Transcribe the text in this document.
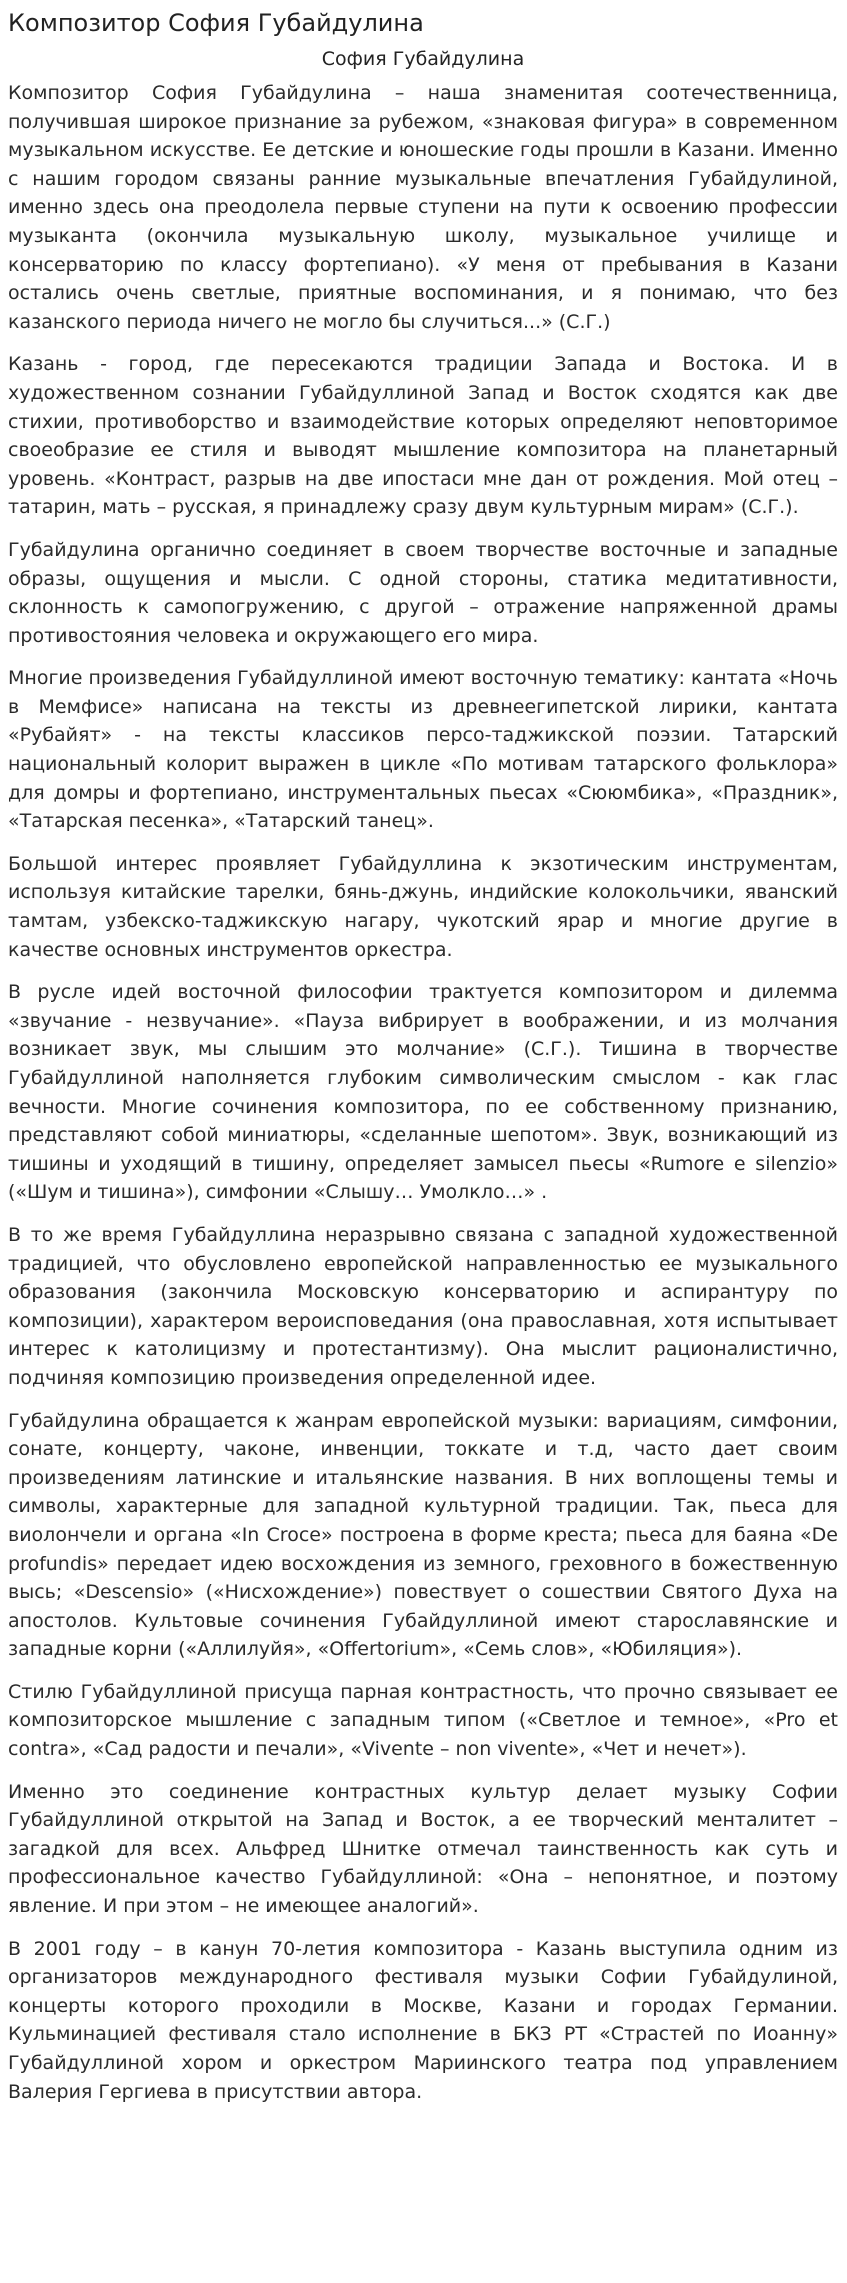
Композитор София Губайдулина
София Губайдулина

Композитор София Губайдулина – наша знаменитая соотечественница, получившая широкое признание за рубежом, «знаковая фигура» в современном музыкальном искусстве. Ее детские и юношеские годы прошли в Казани. Именно с нашим городом связаны ранние музыкальные впечатления Губайдулиной, именно здесь она преодолела первые ступени на пути к освоению профессии музыканта (окончила музыкальную школу, музыкальное училище и консерваторию по классу фортепиано). «У меня от пребывания в Казани остались очень светлые, приятные воспоминания, и я понимаю, что без казанского периода ничего не могло бы случиться...» (С.Г.)

Казань - город, где пересекаются традиции Запада и Востока. И в художественном сознании Губайдуллиной Запад и Восток сходятся как две стихии, противоборство и взаимодействие которых определяют неповторимое своеобразие ее стиля и выводят мышление композитора на планетарный уровень. «Контраст, разрыв на две ипостаси мне дан от рождения. Мой отец – татарин, мать – русская, я принадлежу сразу двум культурным мирам» (С.Г.).

Губайдулина органично соединяет в своем творчестве восточные и западные образы, ощущения и мысли. С одной стороны, статика медитативности, склонность к самопогружению, с другой – отражение напряженной драмы противостояния человека и окружающего его мира.

Многие произведения Губайдуллиной имеют восточную тематику: кантата «Ночь в Мемфисе» написана на тексты из древнеегипетской лирики, кантата «Рубайят» - на тексты классиков персо-таджикской поэзии. Татарский национальный колорит выражен в цикле «По мотивам татарского фольклора» для домры и фортепиано, инструментальных пьесах «Сююмбика», «Праздник», «Татарская песенка», «Татарский танец».

Большой интерес проявляет Губайдуллина к экзотическим инструментам, используя китайские тарелки, бянь-джунь, индийские колокольчики, яванский тамтам, узбекско-таджикскую нагару, чукотский ярар и многие другие в качестве основных инструментов оркестра.

В русле идей восточной философии трактуется композитором и дилемма «звучание - незвучание». «Пауза вибрирует в воображении, и из молчания возникает звук, мы слышим это молчание» (С.Г.). Тишина в творчестве Губайдуллиной наполняется глубоким символическим смыслом - как глас вечности. Многие сочинения композитора, по ее собственному признанию, представляют собой миниатюры, «сделанные шепотом». Звук, возникающий из тишины и уходящий в тишину, определяет замысел пьесы «Rumore e silenzio» («Шум и тишина»), симфонии «Слышу… Умолкло…» .

В то же время Губайдуллина неразрывно связана с западной художественной традицией, что обусловлено европейской направленностью ее музыкального образования (закончила Московскую консерваторию и аспирантуру по композиции), характером вероисповедания (она православная, хотя испытывает интерес к католицизму и протестантизму). Она мыслит рационалистично, подчиняя композицию произведения определенной идее.

Губайдулина обращается к жанрам европейской музыки: вариациям, симфонии, сонате, концерту, чаконе, инвенции, токкате и т.д, часто дает своим произведениям латинские и итальянские названия. В них воплощены темы и символы, характерные для западной культурной традиции. Так, пьеса для виолончели и органа «In Croce» построена в форме креста; пьеса для баяна «De profundis» передает идею восхождения из земного, греховного в божественную высь; «Descensio» («Нисхождение») повествует о сошествии Святого Духа на апостолов. Культовые сочинения Губайдуллиной имеют старославянские и западные корни («Аллилуйя», «Offertorium», «Семь слов», «Юбиляция»).

Стилю Губайдуллиной присуща парная контрастность, что прочно связывает ее композиторское мышление с западным типом («Светлое и темное», «Pro et contra», «Сад радости и печали», «Vivente – non vivente», «Чет и нечет»).

Именно это соединение контрастных культур делает музыку Софии Губайдуллиной открытой на Запад и Восток, а ее творческий менталитет – загадкой для всех. Альфред Шнитке отмечал таинственность как суть и профессиональное качество Губайдуллиной: «Она – непонятное, и поэтому явление. И при этом – не имеющее аналогий».

В 2001 году – в канун 70-летия композитора - Казань выступила одним из организаторов международного фестиваля музыки Софии Губайдулиной, концерты которого проходили в Москве, Казани и городах Германии. Кульминацией фестиваля стало исполнение в БКЗ РТ «Страстей по Иоанну» Губайдуллиной хором и оркестром Мариинского театра под управлением Валерия Гергиева в присутствии автора.
